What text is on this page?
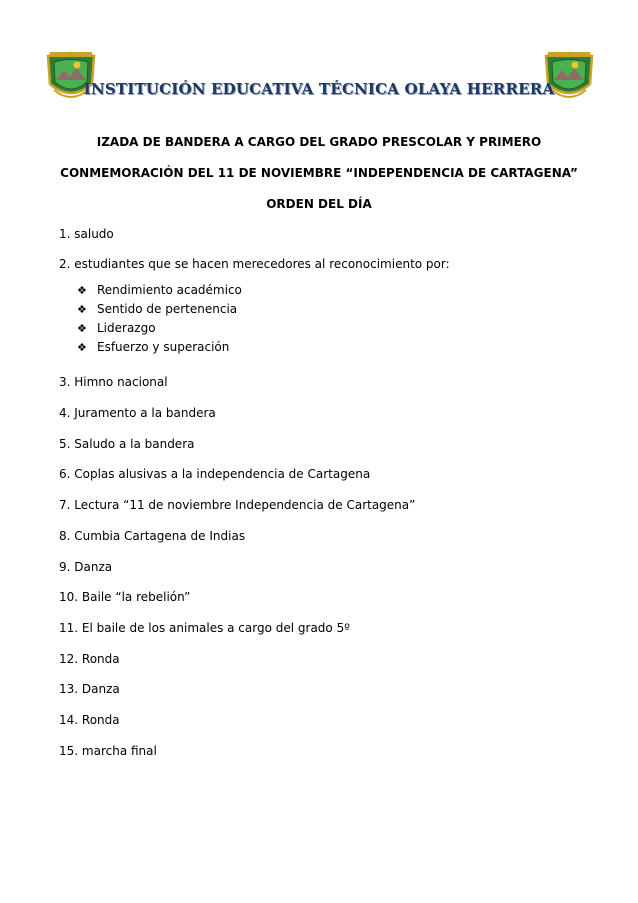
INSTITUCIÓN EDUCATIVA TÉCNICA OLAYA HERRERA
IZADA DE BANDERA A CARGO DEL GRADO PRESCOLAR Y PRIMERO
CONMEMORACIÓN DEL 11 DE NOVIEMBRE “INDEPENDENCIA DE CARTAGENA”
ORDEN DEL DÍA
1. saludo
2. estudiantes que se hacen merecedores al reconocimiento por:
❖ Rendimiento académico
❖ Sentido de pertenencia
❖ Liderazgo
❖ Esfuerzo y superación
3. Himno nacional
4. Juramento a la bandera
5. Saludo a la bandera
6. Coplas alusivas a la independencia de Cartagena
7. Lectura “11 de noviembre Independencia de Cartagena”
8. Cumbia Cartagena de Indias
9. Danza
10. Baile “la rebelión”
11. El baile de los animales a cargo del grado 5º
12. Ronda
13. Danza
14. Ronda
15. marcha final
